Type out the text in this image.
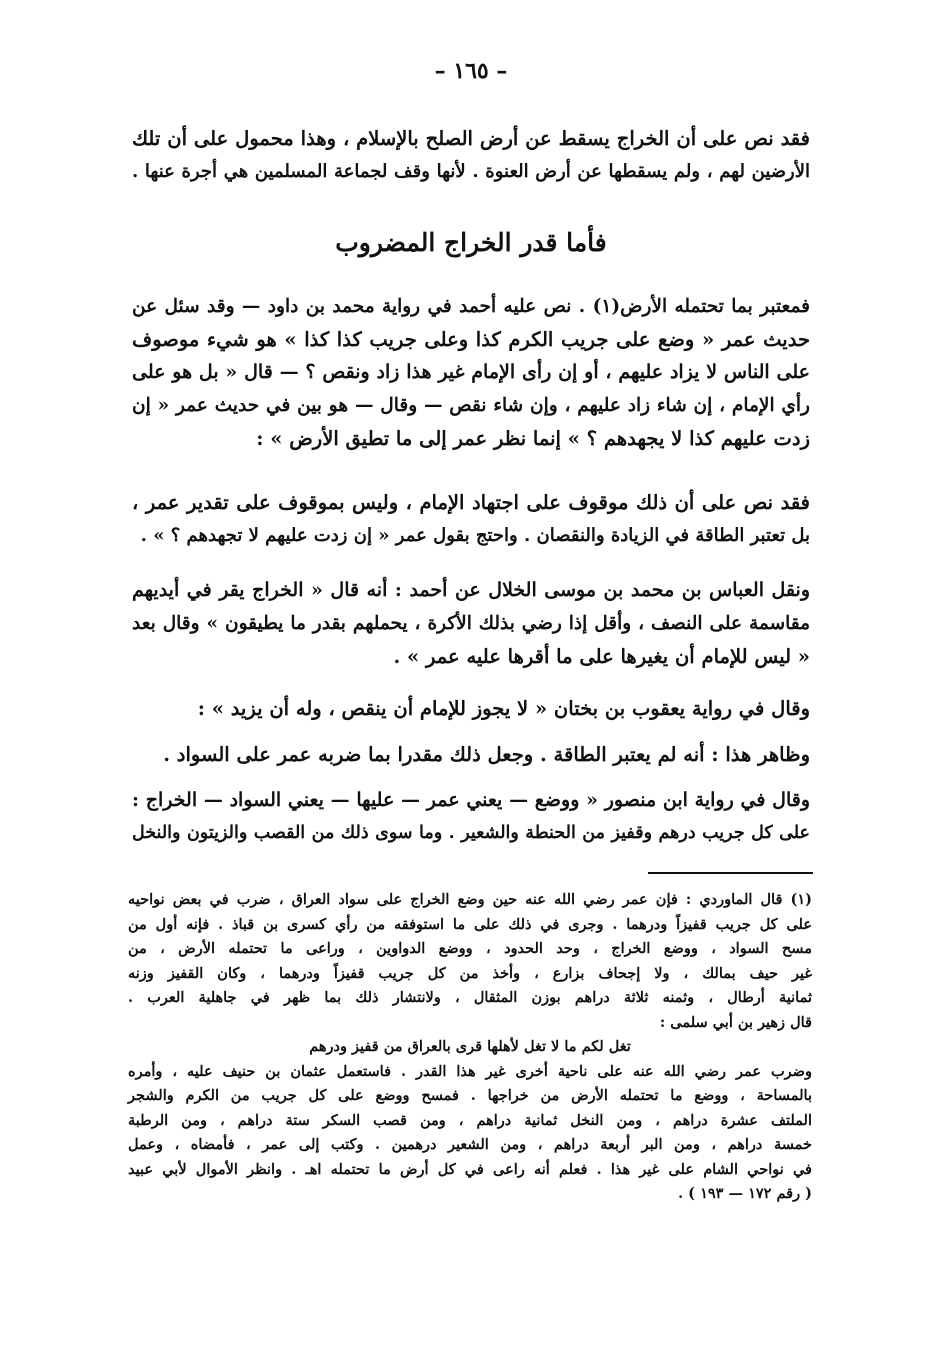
– ١٦٥ –
فقد نص على أن الخراج يسقط عن أرض الصلح بالإسلام ، وهذا محمول على أن تلك
الأرضين لهم ، ولم يسقطها عن أرض العنوة . لأنها وقف لجماعة المسلمين هي أجرة عنها .
فأما قدر الخراج المضروب
فمعتبر بما تحتمله الأرض(١) . نص عليه أحمد في رواية محمد بن داود — وقد سئل عن
حديث عمر « وضع على جريب الكرم كذا وعلى جريب كذا كذا » هو شيء موصوف
على الناس لا يزاد عليهم ، أو إن رأى الإمام غير هذا زاد ونقص ؟ — قال « بل هو على
رأي الإمام ، إن شاء زاد عليهم ، وإن شاء نقص — وقال — هو بين في حديث عمر « إن
زدت عليهم كذا لا يجهدهم ؟ » إنما نظر عمر إلى ما تطيق الأرض » :
فقد نص على أن ذلك موقوف على اجتهاد الإمام ، وليس بموقوف على تقدير عمر ،
بل تعتبر الطاقة في الزيادة والنقصان . واحتج بقول عمر « إن زدت عليهم لا تجهدهم ؟ » .
ونقل العباس بن محمد بن موسى الخلال عن أحمد : أنه قال « الخراج يقر في أيديهم
مقاسمة على النصف ، وأقل إذا رضي بذلك الأكرة ، يحملهم بقدر ما يطيقون » وقال بعد
« ليس للإمام أن يغيرها على ما أقرها عليه عمر » .
وقال في رواية يعقوب بن بختان « لا يجوز للإمام أن ينقص ، وله أن يزيد » :
وظاهر هذا : أنه لم يعتبر الطاقة . وجعل ذلك مقدرا بما ضربه عمر على السواد .
وقال في رواية ابن منصور « ووضع — يعني عمر — عليها — يعني السواد — الخراج :
على كل جريب درهم وقفيز من الحنطة والشعير . وما سوى ذلك من القصب والزيتون والنخل
(١) قال الماوردي : فإن عمر رضي الله عنه حين وضع الخراج على سواد العراق ، ضرب في بعض نواحيه
على كل جريب قفيزاً ودرهما . وجرى في ذلك على ما استوفقه من رأي كسرى بن قباذ . فإنه أول من
مسح السواد ، ووضع الخراج ، وحد الحدود ، ووضع الدواوين ، وراعى ما تحتمله الأرض ، من
غير حيف بمالك ، ولا إجحاف بزارع ، وأخذ من كل جريب قفيزاً ودرهما ، وكان القفيز وزنه
ثمانية أرطال ، وثمنه ثلاثة دراهم بوزن المثقال ، ولانتشار ذلك بما ظهر في جاهلية العرب .
قال زهير بن أبي سلمى :
تغل لكم ما لا تغل لأهلها قرى بالعراق من قفيز ودرهم
وضرب عمر رضي الله عنه على ناحية أخرى غير هذا القدر . فاستعمل عثمان بن حنيف عليه ، وأمره
بالمساحة ، ووضع ما تحتمله الأرض من خراجها . فمسح ووضع على كل جريب من الكرم والشجر
الملتف عشرة دراهم ، ومن النخل ثمانية دراهم ، ومن قصب السكر ستة دراهم ، ومن الرطبة
خمسة دراهم ، ومن البر أربعة دراهم ، ومن الشعير درهمين . وكتب إلى عمر ، فأمضاه ، وعمل
في نواحي الشام على غير هذا . فعلم أنه راعى في كل أرض ما تحتمله اهـ . وانظر الأموال لأبي عبيد
( رقم ١٧٢ — ١٩٣ ) .
